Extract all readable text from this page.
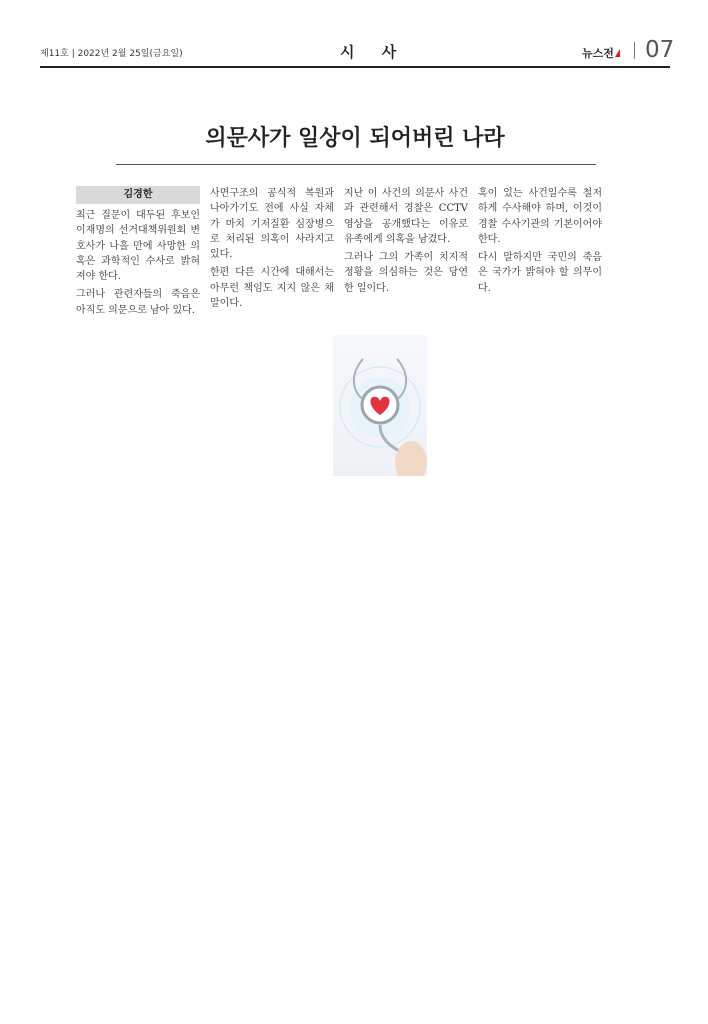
제11호 | 2022년 2월 25일(금요일)	시 사	뉴스전 07
의문사가 일상이 되어버린 나라
김경한

최근 질문이 대두된 후보인 이재명의 선거대책위원회 변호사가 나흘 만에 사망한 의혹은 과학적인 수사로 밝혀져야 한다.

그러나 관련자들의 죽음은 아직도 의문으로 남아 있다.

사면구조의 공식적 복원과 나아가기도 전에 사실 자체가 마치 기저질환 심장병으로 처리된 의혹이 사라지고 있다.

한편 다른 시간에 대해서는 아무런 책임도 지지 않은 채 말이다.

지난 이 사건의 의문사 사건과 관련해서 경찰은 CCTV 영상을 공개했다는 이유로 유족에게 의혹을 남겼다.

그러나 그의 가족이 치지적 정황을 의심하는 것은 당연한 일이다.

혹이 있는 사건일수록 철저하게 수사해야 하며, 이것이 경찰 수사기관의 기본이어야 한다.

다시 말하지만 국민의 죽음은 국가가 밝혀야 할 의무이다.
